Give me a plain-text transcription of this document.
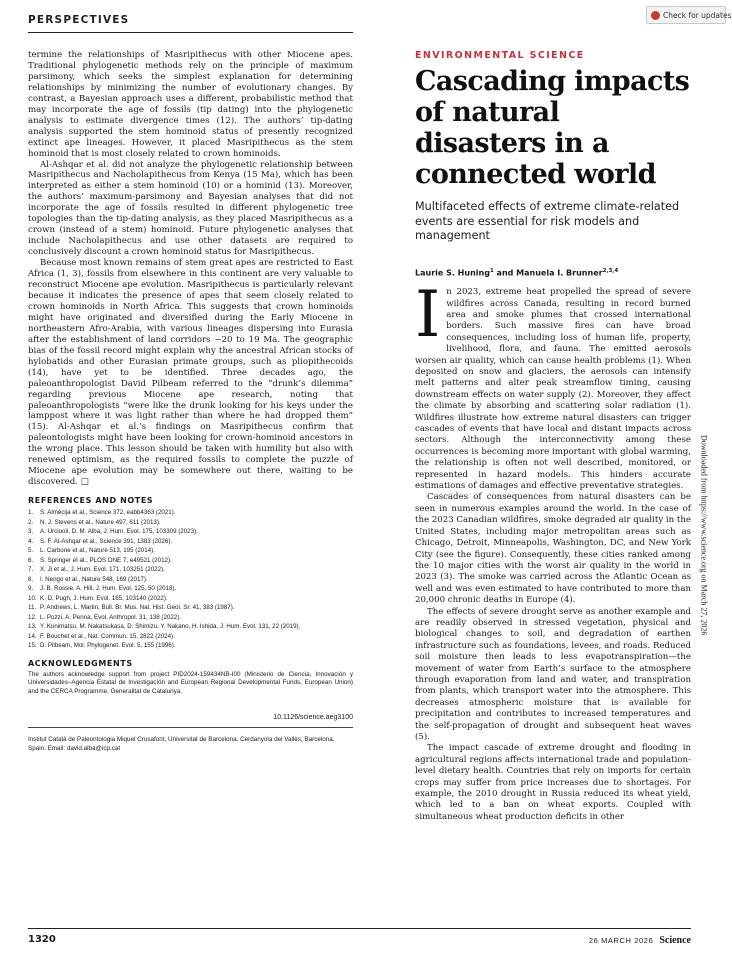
PERSPECTIVES	Check for updates

termine the relationships of Masripithecus with other Miocene apes. Traditional phylogenetic methods rely on the principle of maximum parsimony, which seeks the simplest explanation for determining relationships by minimizing the number of evolutionary changes. By contrast, a Bayesian approach uses a different, probabilistic method that may incorporate the age of fossils (tip dating) into the phylogenetic analysis to estimate divergence times (12). The authors’ tip-dating analysis supported the stem hominoid status of presently recognized extinct ape lineages. However, it placed Masripithecus as the stem hominoid that is most closely related to crown hominoids.

Al-Ashqar et al. did not analyze the phylogenetic relationship between Masripithecus and Nacholapithecus from Kenya (15 Ma), which has been interpreted as either a stem hominoid (10) or a hominid (13). Moreover, the authors’ maximum-parsimony and Bayesian analyses that did not incorporate the age of fossils resulted in different phylogenetic tree topologies than the tip-dating analysis, as they placed Masripithecus as a crown (instead of a stem) hominoid. Future phylogenetic analyses that include Nacholapithecus and use other datasets are required to conclusively discount a crown hominoid status for Masripithecus.

Because most known remains of stem great apes are restricted to East Africa (1, 3), fossils from elsewhere in this continent are very valuable to reconstruct Miocene ape evolution. Masripithecus is particularly relevant because it indicates the presence of apes that seem closely related to crown hominoids in North Africa. This suggests that crown hominoids might have originated and diversified during the Early Miocene in northeastern Afro-Arabia, with various lineages dispersing into Eurasia after the establishment of land corridors ~20 to 19 Ma. The geographic bias of the fossil record might explain why the ancestral African stocks of hylobatids and other Eurasian primate groups, such as pliopithecoids (14), have yet to be identified. Three decades ago, the paleoanthropologist David Pilbeam referred to the “drunk’s dilemma” regarding previous Miocene ape research, noting that paleoanthropologists “were like the drunk looking for his keys under the lamppost where it was light rather than where he had dropped them” (15). Al-Ashqar et al.’s findings on Masripithecus confirm that paleontologists might have been looking for crown-hominoid ancestors in the wrong place. This lesson should be taken with humility but also with renewed optimism, as the required fossils to complete the puzzle of Miocene ape evolution may be somewhere out there, waiting to be discovered. □

REFERENCES AND NOTES
1. S. Almécija et al., Science 372, eabb4363 (2021).
2. N. J. Stevens et al., Nature 497, 611 (2013).
3. A. Urciuoli, D. M. Alba, J. Hum. Evol. 175, 103309 (2023).
4. S. F. Al-Ashqar et al., Science 391, 1383 (2026).
5. L. Carbone et al., Nature 513, 195 (2014).
6. S. Springer et al., PLOS ONE 7, e49521 (2012).
7. X. Ji et al., J. Hum. Evol. 171, 103251 (2022).
8. I. Nengo et al., Nature 548, 169 (2017).
9. J. B. Rossie, A. Hill, J. Hum. Evol. 125, 50 (2018).
10. K. D. Pugh, J. Hum. Evol. 165, 103140 (2022).
11. P. Andrews, L. Martin, Bull. Br. Mus. Nat. Hist. Geol. Sr. 41, 383 (1987).
12. L. Pozzi, A. Penna, Evol. Anthropol. 31, 138 (2022).
13. Y. Kunimatsu, M. Nakatsukasa, D. Shimizu, Y. Nakano, H. Ishida, J. Hum. Evol. 131, 22 (2019).
14. F. Bouchet et al., Nat. Commun. 15, 2822 (2024).
15. D. Pilbeam, Mol. Phylogenet. Evol. 5, 155 (1996).
ACKNOWLEDGMENTS
The authors acknowledge support from project PID2024-159434NB-I00 (Ministerio de Ciencia, Innovación y Universidades–Agencia Estatal de Investigación and European Regional Developmental Funds, European Union) and the CERCA Programme, Generalitat de Catalunya.
10.1126/science.aeg3100
Institut Català de Paleontologia Miquel Crusafont, Universitat de Barcelona, Cerdanyola del Vallès, Barcelona, Spain. Email: david.alba@icp.cat
ENVIRONMENTAL SCIENCE
Cascading impacts of natural disasters in a connected world
Multifaceted effects of extreme climate-related events are essential for risk models and management
Laurie S. Huning$^1$ and Manuela I. Brunner$^{2,3,4}$

In 2023, extreme heat propelled the spread of severe wildfires across Canada, resulting in record burned area and smoke plumes that crossed international borders. Such massive fires can have broad consequences, including loss of human life, property, livelihood, flora, and fauna. The emitted aerosols worsen air quality, which can cause health problems (1). When deposited on snow and glaciers, the aerosols can intensify melt patterns and alter peak streamflow timing, causing downstream effects on water supply (2). Moreover, they affect the climate by absorbing and scattering solar radiation (1). Wildfires illustrate how extreme natural disasters can trigger cascades of events that have local and distant impacts across sectors. Although the interconnectivity among these occurrences is becoming more important with global warming, the relationship is often not well described, monitored, or represented in hazard models. This hinders accurate estimations of damages and effective preventative strategies.

Cascades of consequences from natural disasters can be seen in numerous examples around the world. In the case of the 2023 Canadian wildfires, smoke degraded air quality in the United States, including major metropolitan areas such as Chicago, Detroit, Minneapolis, Washington, DC, and New York City (see the figure). Consequently, these cities ranked among the 10 major cities with the worst air quality in the world in 2023 (3). The smoke was carried across the Atlantic Ocean as well and was even estimated to have contributed to more than 20,000 chronic deaths in Europe (4).

The effects of severe drought serve as another example and are readily observed in stressed vegetation, physical and biological changes to soil, and degradation of earthen infrastructure such as foundations, levees, and roads. Reduced soil moisture then leads to less evapotranspiration—the movement of water from Earth’s surface to the atmosphere through evaporation from land and water, and transpiration from plants, which transport water into the atmosphere. This decreases atmospheric moisture that is available for precipitation and contributes to increased temperatures and the self-propagation of drought and subsequent heat waves (5).

The impact cascade of extreme drought and flooding in agricultural regions affects international trade and population-level dietary health. Countries that rely on imports for certain crops may suffer from price increases due to shortages. For example, the 2010 drought in Russia reduced its wheat yield, which led to a ban on wheat exports. Coupled with simultaneous wheat production deficits in other

Downloaded from https://www.science.org on March 27, 2026
1320	26 MARCH 2026 Science
